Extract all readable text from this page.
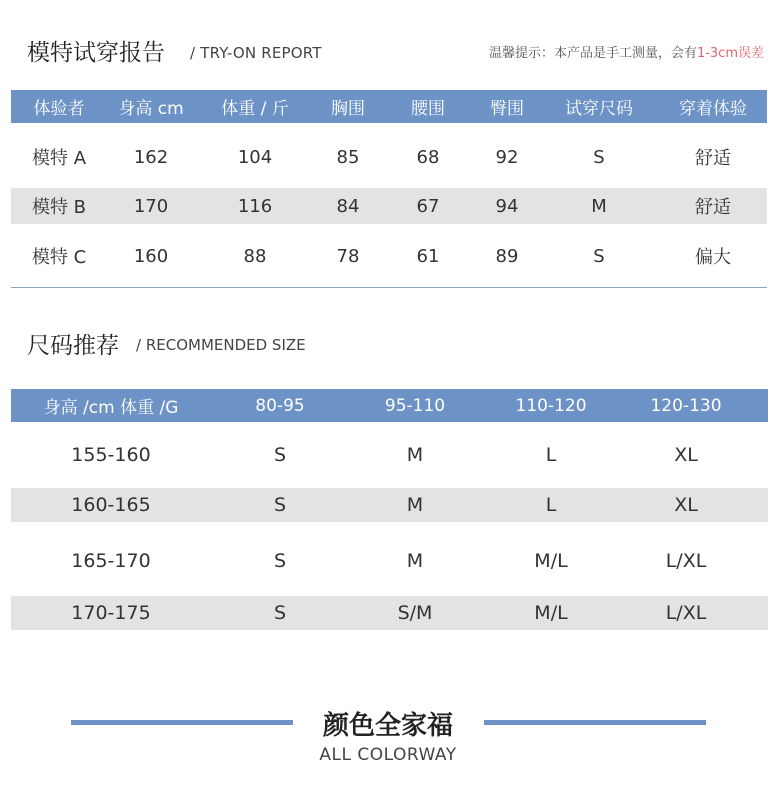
模特试穿报告 / TRY-ON REPORT	温馨提示：本产品是手工测量，会有1-3cm误差
体验者	身高 cm	体重 / 斤	胸围	腰围	臀围	试穿尺码	穿着体验
模特 A	162	104	85	68	92	S	舒适
模特 B	170	116	84	67	94	M	舒适
模特 C	160	88	78	61	89	S	偏大
尺码推荐 / RECOMMENDED SIZE
身高 /cm 体重 /G	80-95	95-110	110-120	120-130
155-160	S	M	L	XL
160-165	S	M	L	XL
165-170	S	M	M/L	L/XL
170-175	S	S/M	M/L	L/XL
颜色全家福
ALL COLORWAY
